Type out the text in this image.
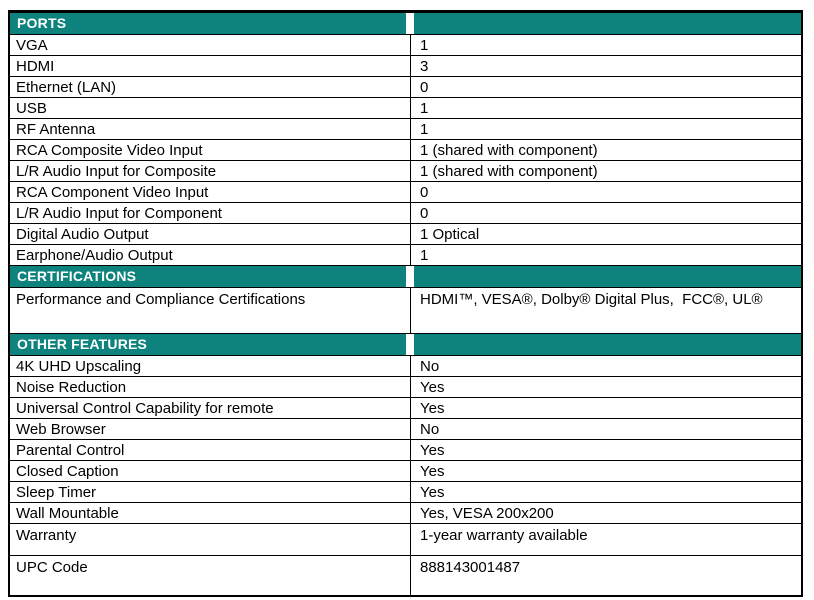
PORTS
VGA	1
HDMI	3
Ethernet (LAN)	0
USB	1
RF Antenna	1
RCA Composite Video Input	1 (shared with component)
L/R Audio Input for Composite	1 (shared with component)
RCA Component Video Input	0
L/R Audio Input for Component	0
Digital Audio Output	1 Optical
Earphone/Audio Output	1
CERTIFICATIONS
Performance and Compliance Certifications	HDMI™, VESA®, Dolby® Digital Plus,  FCC®, UL®
OTHER FEATURES
4K UHD Upscaling	No
Noise Reduction	Yes
Universal Control Capability for remote	Yes
Web Browser	No
Parental Control	Yes
Closed Caption	Yes
Sleep Timer	Yes
Wall Mountable	Yes, VESA 200x200
Warranty	1-year warranty available
UPC Code	888143001487
